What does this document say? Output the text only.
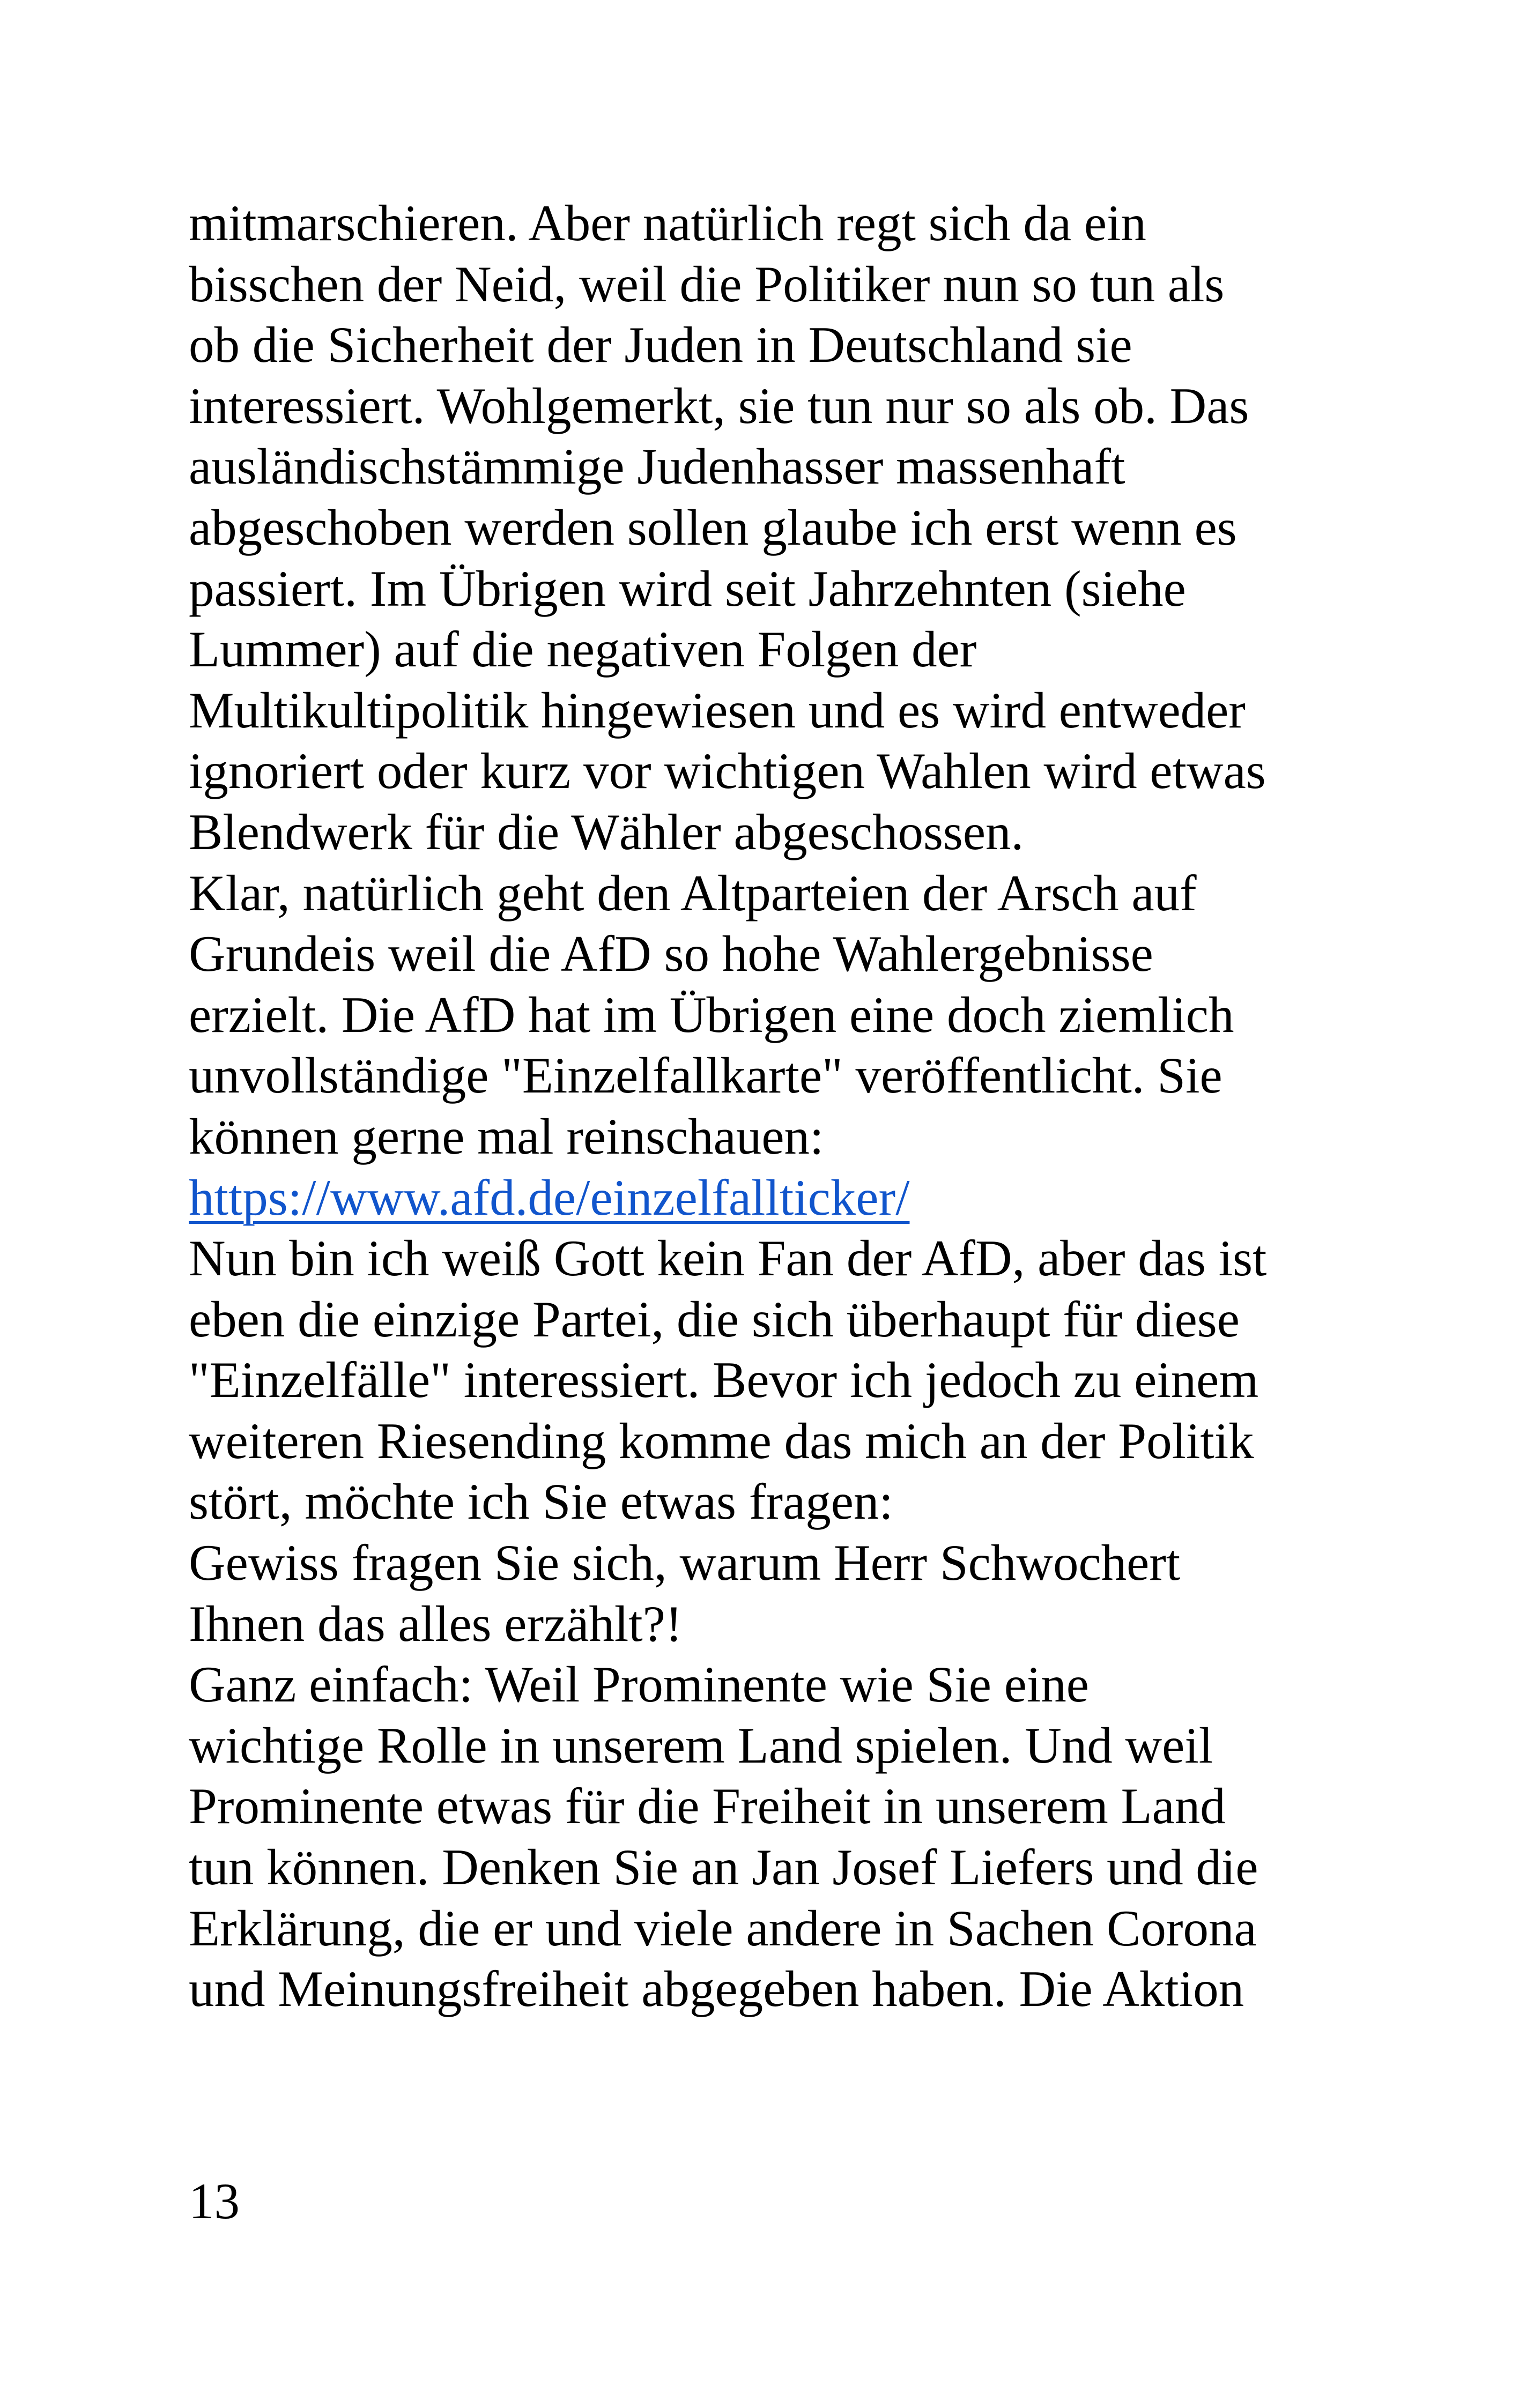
mitmarschieren. Aber natürlich regt sich da ein
bisschen der Neid, weil die Politiker nun so tun als
ob die Sicherheit der Juden in Deutschland sie
interessiert. Wohlgemerkt, sie tun nur so als ob. Das
ausländischstämmige Judenhasser massenhaft
abgeschoben werden sollen glaube ich erst wenn es
passiert. Im Übrigen wird seit Jahrzehnten (siehe
Lummer) auf die negativen Folgen der
Multikultipolitik hingewiesen und es wird entweder
ignoriert oder kurz vor wichtigen Wahlen wird etwas
Blendwerk für die Wähler abgeschossen.
Klar, natürlich geht den Altparteien der Arsch auf
Grundeis weil die AfD so hohe Wahlergebnisse
erzielt. Die AfD hat im Übrigen eine doch ziemlich
unvollständige "Einzelfallkarte" veröffentlicht. Sie
können gerne mal reinschauen:
https://www.afd.de/einzelfallticker/
Nun bin ich weiß Gott kein Fan der AfD, aber das ist
eben die einzige Partei, die sich überhaupt für diese
"Einzelfälle" interessiert. Bevor ich jedoch zu einem
weiteren Riesending komme das mich an der Politik
stört, möchte ich Sie etwas fragen:
Gewiss fragen Sie sich, warum Herr Schwochert
Ihnen das alles erzählt?!
Ganz einfach: Weil Prominente wie Sie eine
wichtige Rolle in unserem Land spielen. Und weil
Prominente etwas für die Freiheit in unserem Land
tun können. Denken Sie an Jan Josef Liefers und die
Erklärung, die er und viele andere in Sachen Corona
und Meinungsfreiheit abgegeben haben. Die Aktion
13
